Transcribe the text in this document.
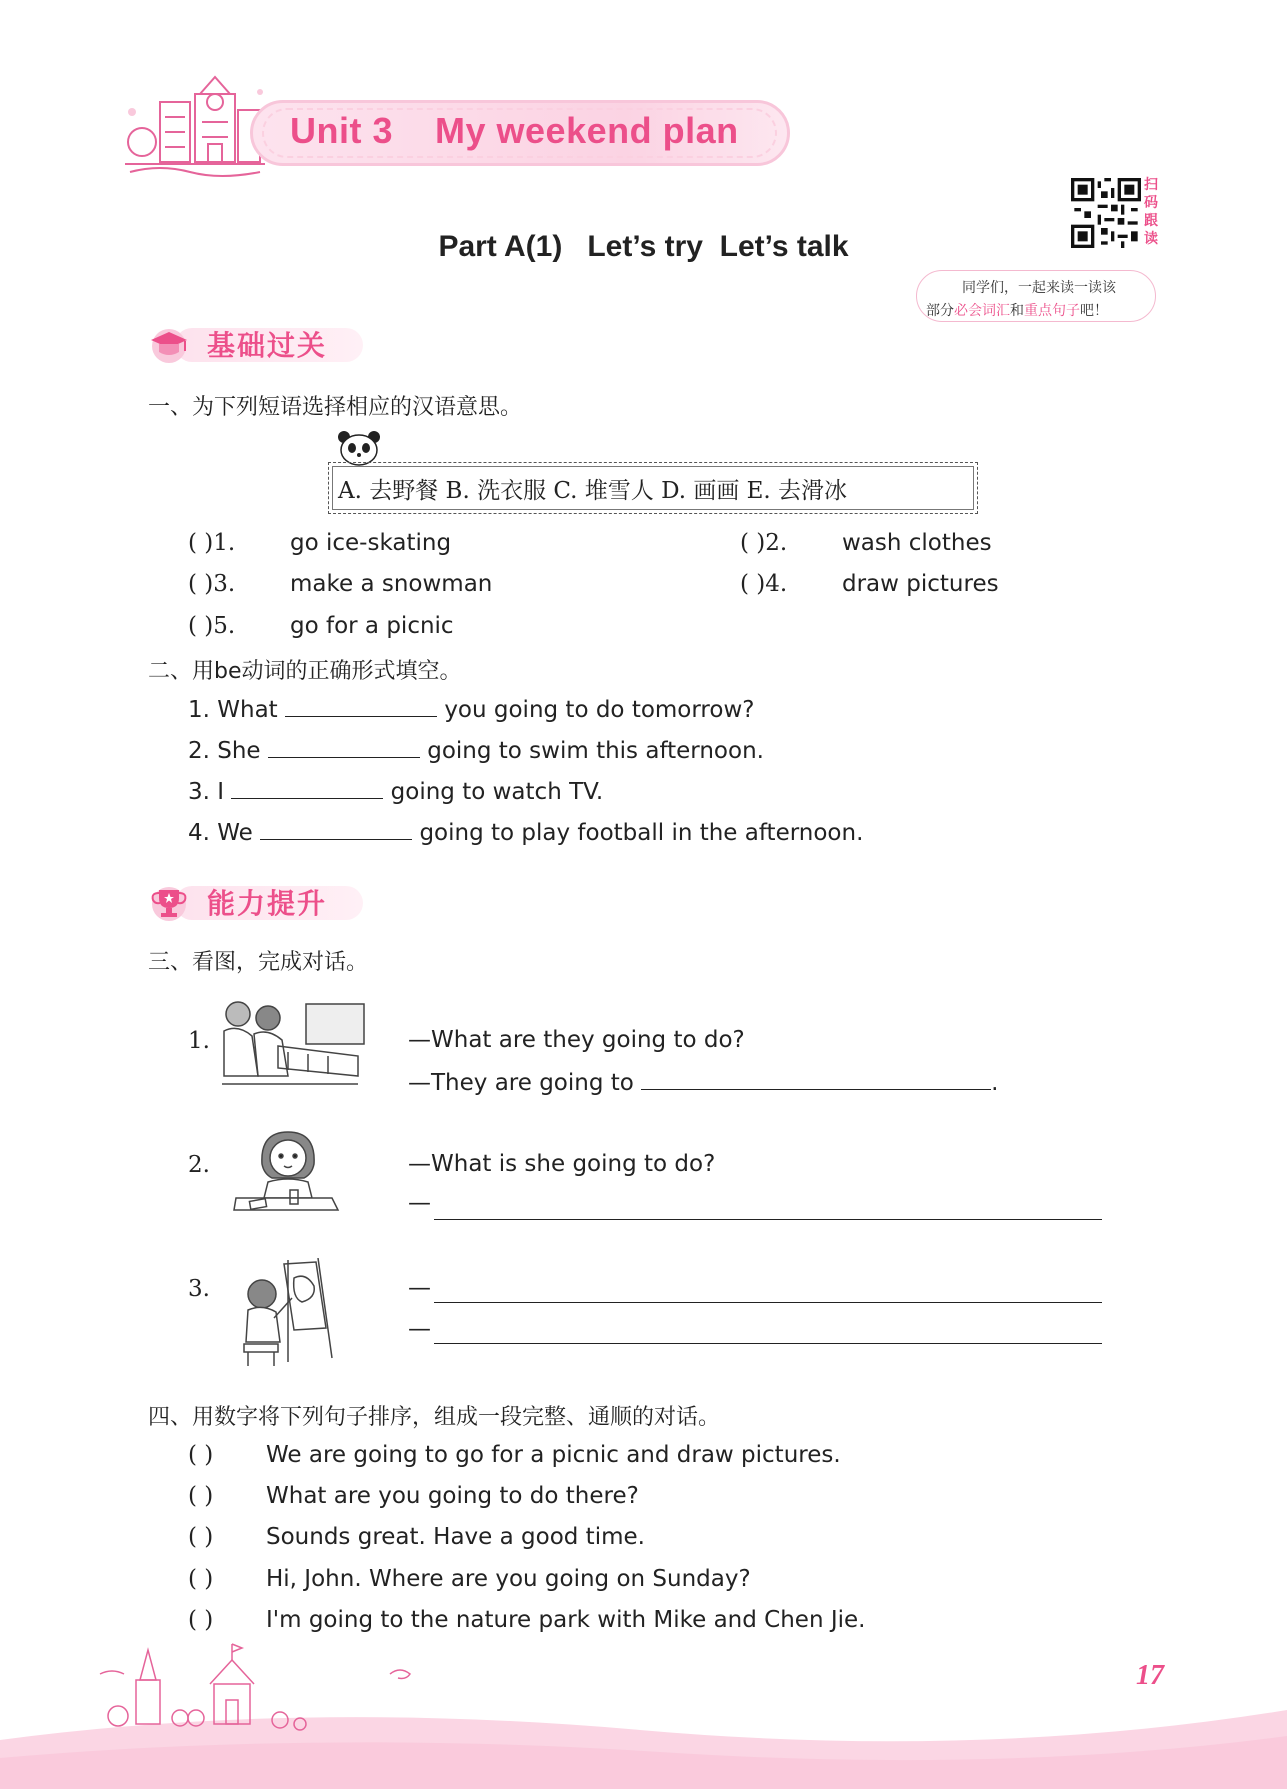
Unit 3    My weekend plan
Part A(1)   Let’s try  Let’s talk
扫
码
跟
读
同学们，一起来读一读该
部分必会词汇和重点句子吧！
基础过关
一、为下列短语选择相应的汉语意思。
A. 去野餐 B. 洗衣服 C. 堆雪人 D. 画画 E. 去滑冰
( )1. go ice-skating	( )2. wash clothes
( )3. make a snowman	( )4. draw pictures
( )5. go for a picnic
二、用be动词的正确形式填空。
1. What	you going to do tomorrow?
2. She	going to swim this afternoon.
3. I	going to watch TV.
4. We	going to play football in the afternoon.
能力提升
三、看图，完成对话。
1.	—What are they going to do?
—They are going to	.
2.	—What is she going to do?
—
3.	—
—
四、用数字将下列句子排序，组成一段完整、通顺的对话。
( ) We are going to go for a picnic and draw pictures.
( ) What are you going to do there?
( ) Sounds great. Have a good time.
( ) Hi, John. Where are you going on Sunday?
( ) I'm going to the nature park with Mike and Chen Jie.
17
